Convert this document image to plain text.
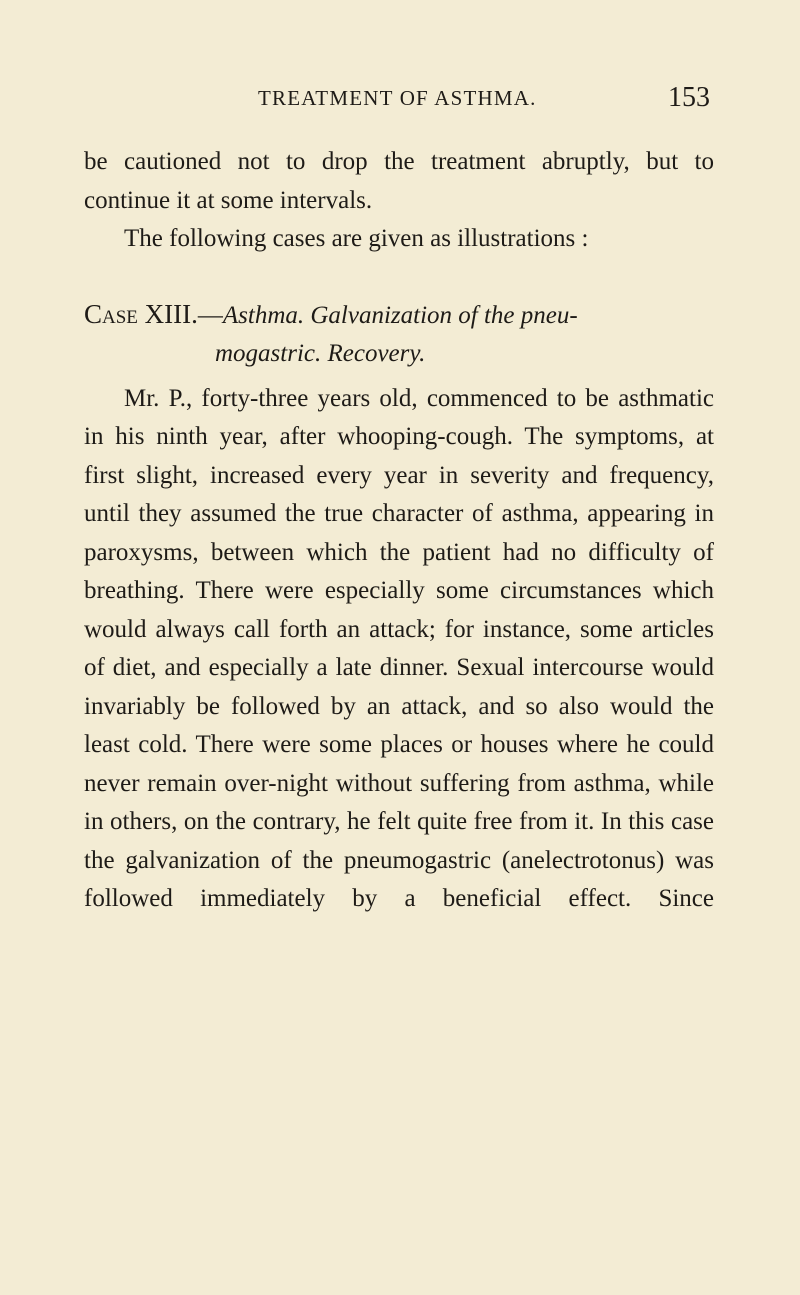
TREATMENT OF ASTHMA.	153

be cautioned not to drop the treatment abruptly, but to continue it at some intervals.

The following cases are given as illustrations :

Case XIII.—Asthma. Galvanization of the pneu-
mogastric. Recovery.

Mr. P., forty-three years old, commenced to be asthmatic in his ninth year, after whooping-cough. The symptoms, at first slight, increased every year in severity and frequency, until they assumed the true character of asthma, appearing in paroxysms, between which the patient had no difficulty of breathing. There were especially some circumstances which would always call forth an attack; for instance, some articles of diet, and especially a late dinner. Sexual intercourse would invariably be followed by an attack, and so also would the least cold. There were some places or houses where he could never remain over-night without suffering from asthma, while in others, on the contrary, he felt quite free from it. In this case the galvanization of the pneumogastric (anelectrotonus) was followed immediately by a beneficial effect. Since
